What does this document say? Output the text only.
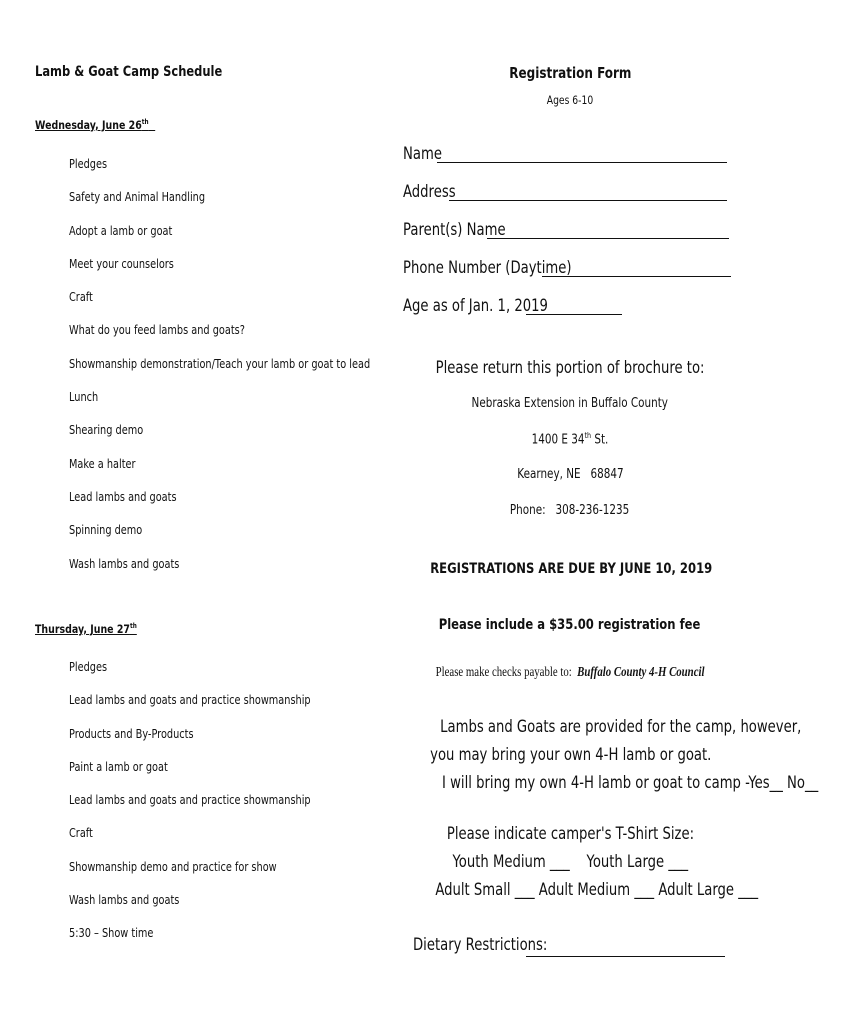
Lamb & Goat Camp Schedule

Wednesday, June 26th
Pledges
Safety and Animal Handling
Adopt a lamb or goat
Meet your counselors
Craft
What do you feed lambs and goats?
Showmanship demonstration/Teach your lamb or goat to lead
Lunch
Shearing demo
Make a halter
Lead lambs and goats
Spinning demo
Wash lambs and goats
Thursday, June 27th
Pledges
Lead lambs and goats and practice showmanship
Products and By-Products
Paint a lamb or goat
Lead lambs and goats and practice showmanship
Craft
Showmanship demo and practice for show
Wash lambs and goats
5:30 – Show time
Registration Form
Ages 6-10
Name
Address
Parent(s) Name
Phone Number (Daytime)
Age as of Jan. 1, 2019
Please return this portion of brochure to:
Nebraska Extension in Buffalo County
1400 E 34th St.
Kearney, NE   68847
Phone:   308-236-1235
REGISTRATIONS ARE DUE BY JUNE 10, 2019
Please include a $35.00 registration fee
Please make checks payable to: Buffalo County 4-H Council
Lambs and Goats are provided for the camp, however,
you may bring your own 4-H lamb or goat.
I will bring my own 4-H lamb or goat to camp -Yes__ No__
Please indicate camper's T-Shirt Size:
Youth Medium ___    Youth Large ___
Adult Small ___ Adult Medium ___ Adult Large ___
Dietary Restrictions:
